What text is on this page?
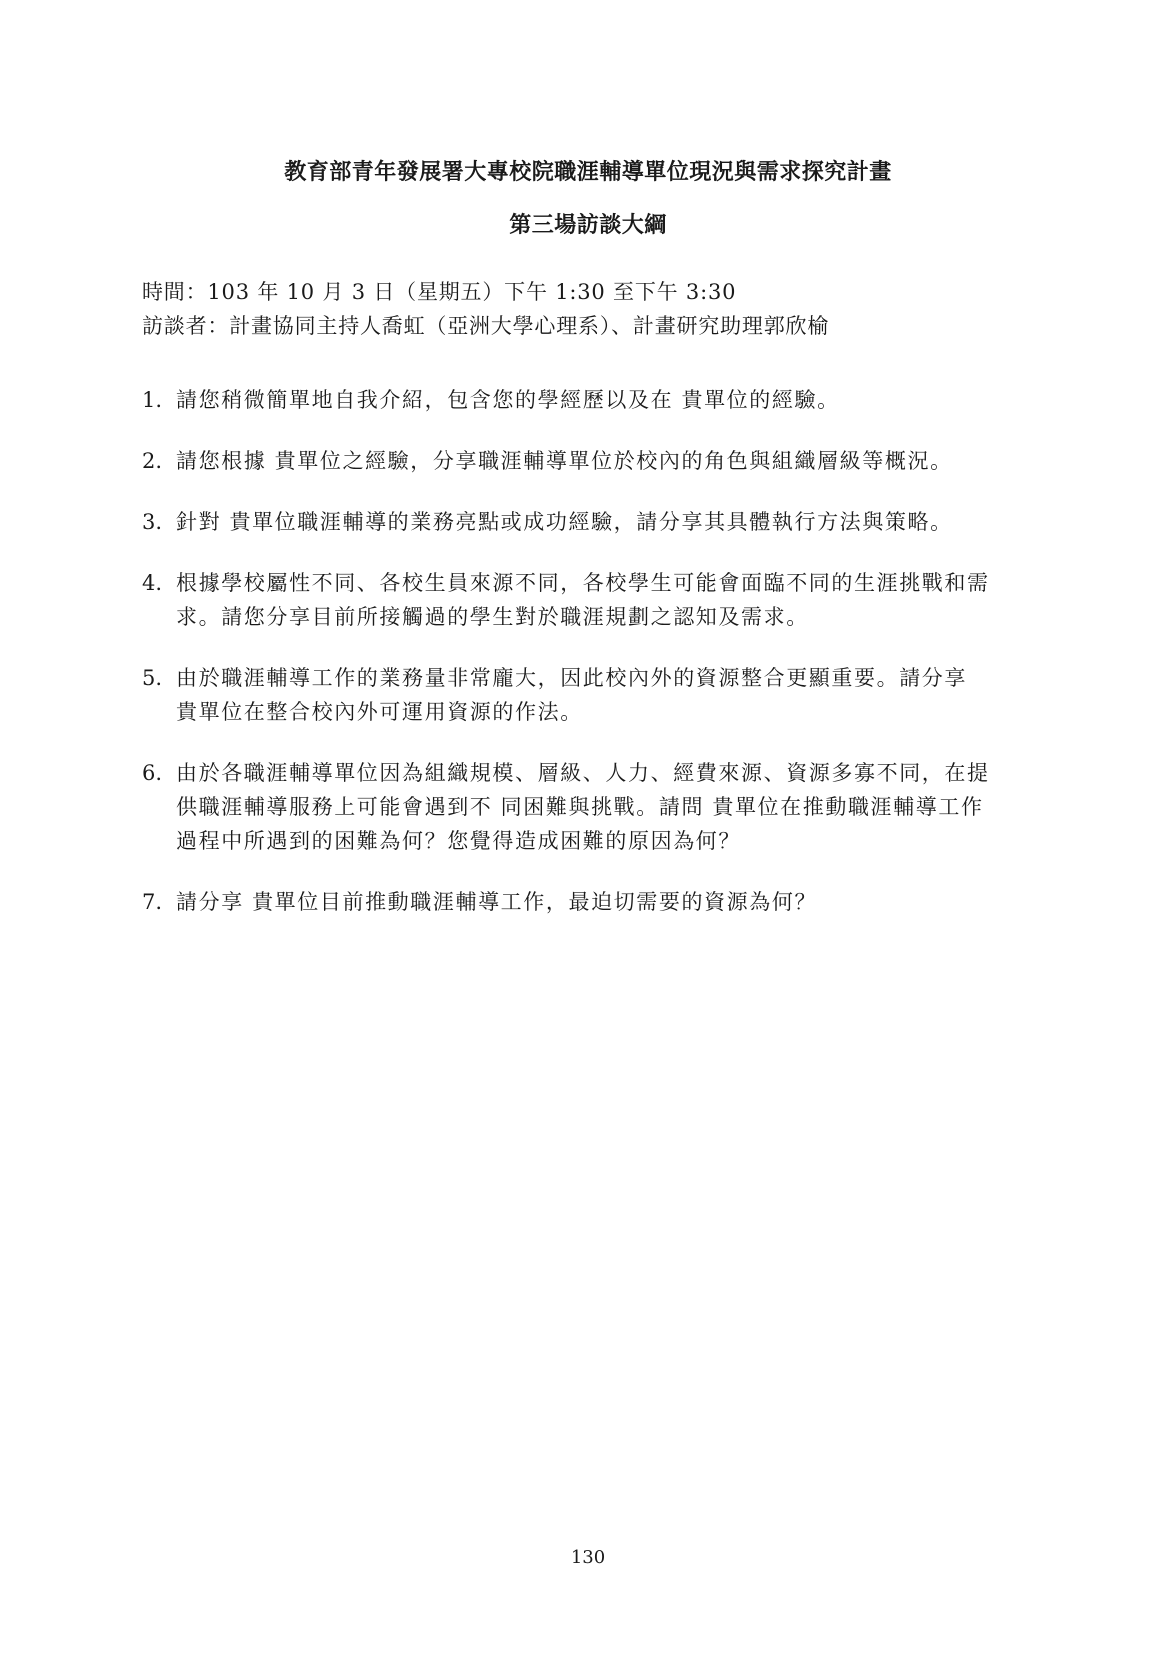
教育部青年發展署大專校院職涯輔導單位現況與需求探究計畫
第三場訪談大綱
時間：103 年 10 月 3 日（星期五）下午 1:30 至下午 3:30
訪談者：計畫協同主持人喬虹（亞洲大學心理系）、計畫研究助理郭欣榆
1. 請您稍微簡單地自我介紹，包含您的學經歷以及在 貴單位的經驗。
2. 請您根據 貴單位之經驗，分享職涯輔導單位於校內的角色與組織層級等概況。
3. 針對 貴單位職涯輔導的業務亮點或成功經驗，請分享其具體執行方法與策略。
4. 根據學校屬性不同、各校生員來源不同，各校學生可能會面臨不同的生涯挑戰和需
求。請您分享目前所接觸過的學生對於職涯規劃之認知及需求。
5. 由於職涯輔導工作的業務量非常龐大，因此校內外的資源整合更顯重要。請分享
貴單位在整合校內外可運用資源的作法。
6. 由於各職涯輔導單位因為組織規模、層級、人力、經費來源、資源多寡不同，在提
供職涯輔導服務上可能會遇到不 同困難與挑戰。請問 貴單位在推動職涯輔導工作
過程中所遇到的困難為何？您覺得造成困難的原因為何？
7. 請分享 貴單位目前推動職涯輔導工作，最迫切需要的資源為何？
130
